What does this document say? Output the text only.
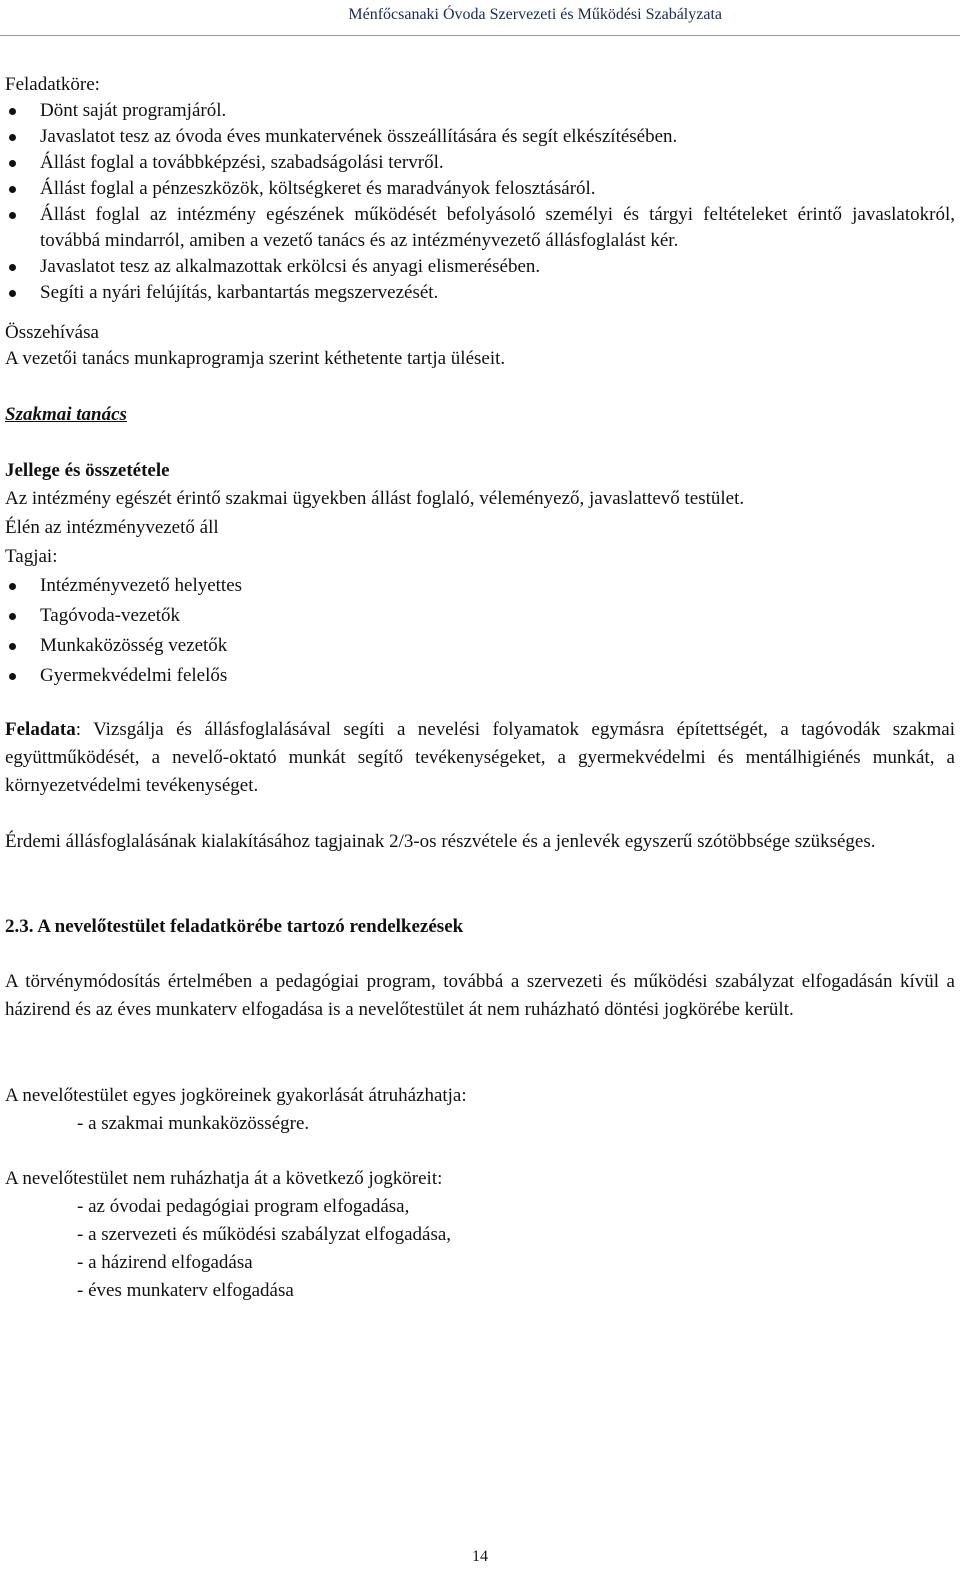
Ménfőcsanaki Óvoda Szervezeti és Működési Szabályzata

Feladatköre:

Dönt saját programjáról.
Javaslatot tesz az óvoda éves munkatervének összeállítására és segít elkészítésében.
Állást foglal a továbbképzési, szabadságolási tervről.
Állást foglal a pénzeszközök, költségkeret és maradványok felosztásáról.
Állást foglal az intézmény egészének működését befolyásoló személyi és tárgyi feltételeket érintő javaslatokról, továbbá mindarról, amiben a vezető tanács és az intézményvezető állásfoglalást kér.
Javaslatot tesz az alkalmazottak erkölcsi és anyagi elismerésében.
Segíti a nyári felújítás, karbantartás megszervezését.

Összehívása

A vezetői tanács munkaprogramja szerint kéthetente tartja üléseit.

Szakmai tanács

Jellege és összetétele

Az intézmény egészét érintő szakmai ügyekben állást foglaló, véleményező, javaslattevő testület.

Élén az intézményvezető áll

Tagjai:

Intézményvezető helyettes
Tagóvoda-vezetők
Munkaközösség vezetők
Gyermekvédelmi felelős

Feladata: Vizsgálja és állásfoglalásával segíti a nevelési folyamatok egymásra építettségét, a tagóvodák szakmai együttműködését, a nevelő-oktató munkát segítő tevékenységeket, a gyermekvédelmi és mentálhigiénés munkát, a környezetvédelmi tevékenységet.

Érdemi állásfoglalásának kialakításához tagjainak 2/3-os részvétele és a jenlevék egyszerű szótöbbsége szükséges.

2.3. A nevelőtestület feladatkörébe tartozó rendelkezések

A törvénymódosítás értelmében a pedagógiai program, továbbá a szervezeti és működési szabályzat elfogadásán kívül a házirend és az éves munkaterv elfogadása is a nevelőtestület át nem ruházható döntési jogkörébe került.

A nevelőtestület egyes jogköreinek gyakorlását átruházhatja:

- a szakmai munkaközösségre.

A nevelőtestület nem ruházhatja át a következő jogköreit:

- az óvodai pedagógiai program elfogadása,

- a szervezeti és működési szabályzat elfogadása,

- a házirend elfogadása

- éves munkaterv elfogadása

14
